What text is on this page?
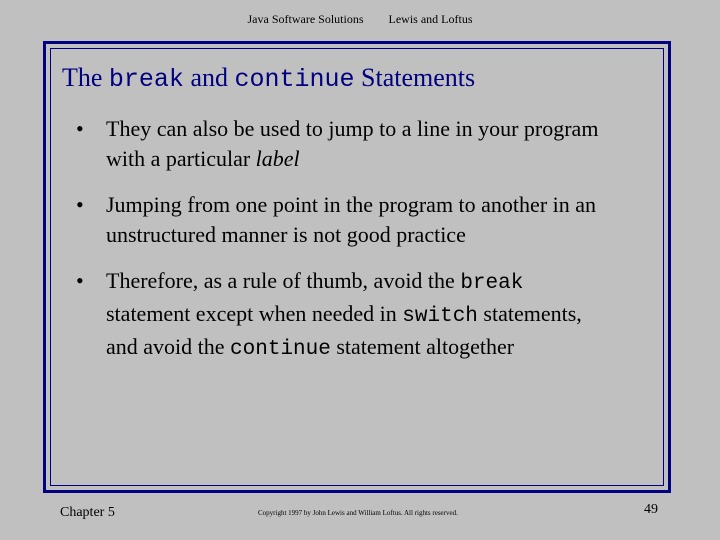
Java Software Solutions Lewis and Loftus
The break and continue Statements
• They can also be used to jump to a line in your program
with a particular label
• Jumping from one point in the program to another in an
unstructured manner is not good practice
• Therefore, as a rule of thumb, avoid the break
statement except when needed in switch statements,
and avoid the continue statement altogether
Chapter 5	Copyright 1997 by John Lewis and William Loftus. All rights reserved.	49
